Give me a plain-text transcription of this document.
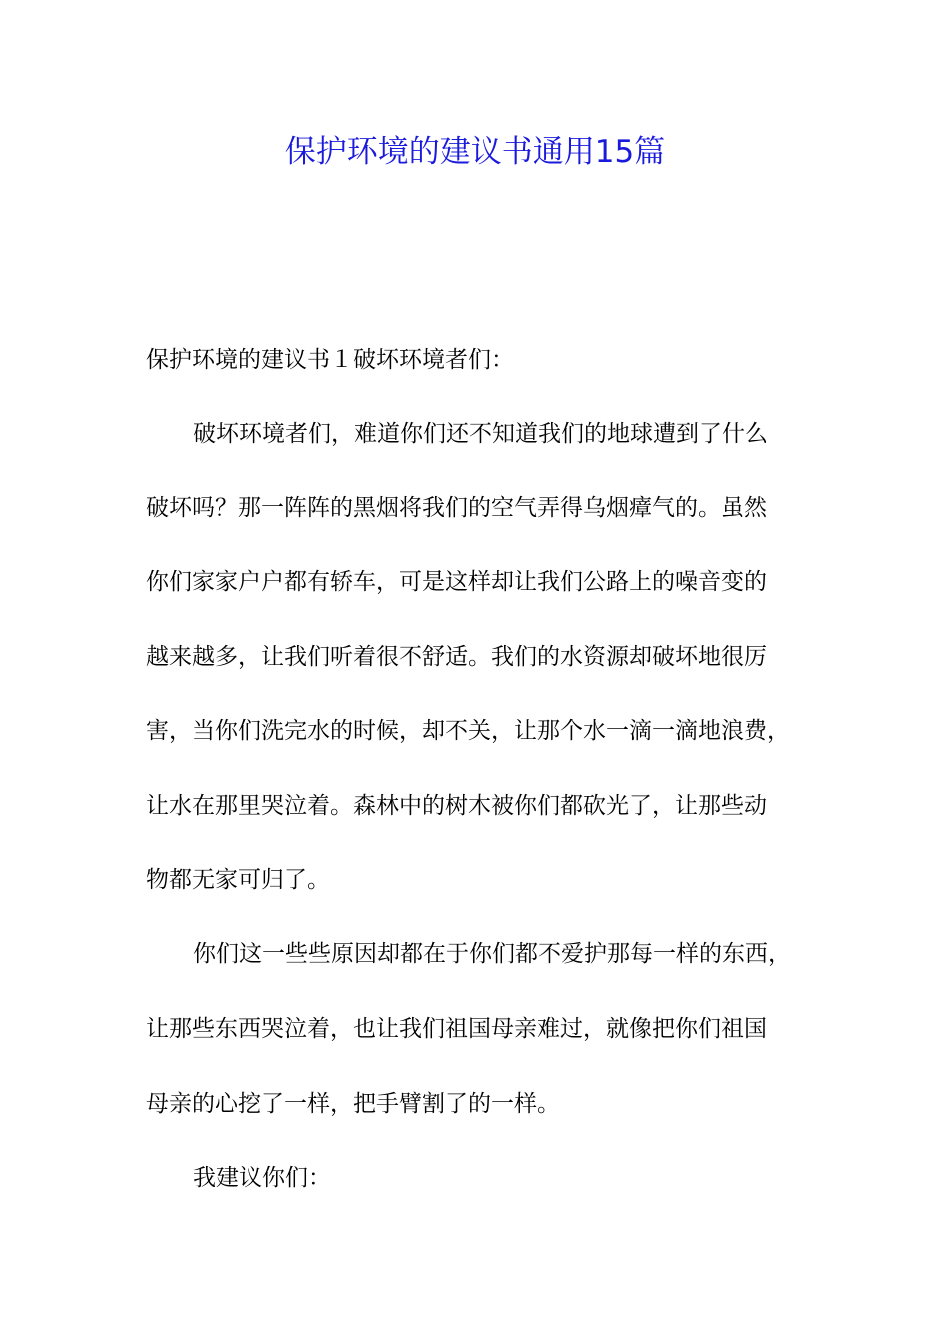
保护环境的建议书通用15篇

保护环境的建议书１破坏环境者们：

破坏环境者们，难道你们还不知道我们的地球遭到了什么

破坏吗？那一阵阵的黑烟将我们的空气弄得乌烟瘴气的。虽然

你们家家户户都有轿车，可是这样却让我们公路上的噪音变的

越来越多，让我们听着很不舒适。我们的水资源却破坏地很厉

害，当你们洗完水的时候，却不关，让那个水一滴一滴地浪费，

让水在那里哭泣着。森林中的树木被你们都砍光了，让那些动

物都无家可归了。

你们这一些些原因却都在于你们都不爱护那每一样的东西，

让那些东西哭泣着，也让我们祖国母亲难过，就像把你们祖国

母亲的心挖了一样，把手臂割了的一样。

我建议你们：
